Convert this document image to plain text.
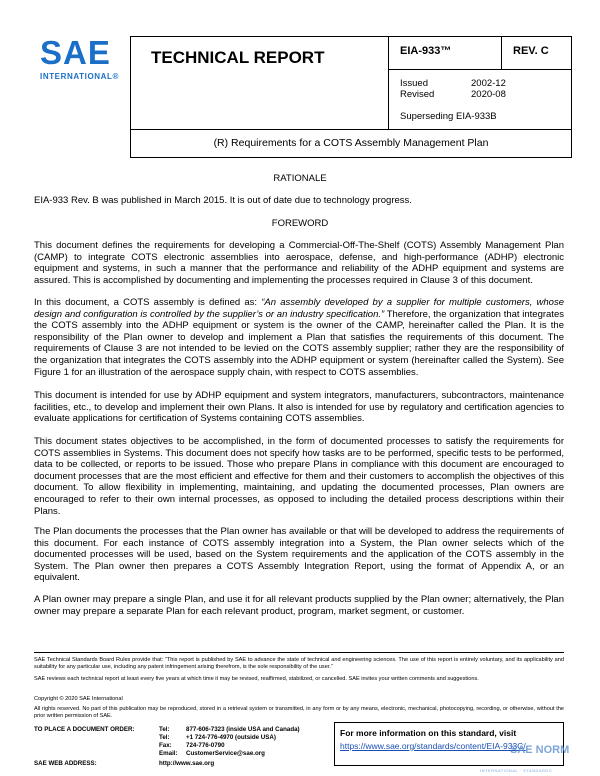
SAE
INTERNATIONAL®
TECHNICAL REPORT	EIA-933™	REV. C
Issued	2002-12
Revised	2020-08
Superseding EIA-933B
(R) Requirements for a COTS Assembly Management Plan
RATIONALE
EIA-933 Rev. B was published in March 2015. It is out of date due to technology progress.
FOREWORD
This document defines the requirements for developing a Commercial-Off-The-Shelf (COTS) Assembly Management Plan (CAMP) to integrate COTS electronic assemblies into aerospace, defense, and high-performance (ADHP) electronic equipment and systems, in such a manner that the performance and reliability of the ADHP equipment and systems are assured. This is accomplished by documenting and implementing the processes required in Clause 3 of this document.
In this document, a COTS assembly is defined as: “An assembly developed by a supplier for multiple customers, whose design and configuration is controlled by the supplier’s or an industry specification.” Therefore, the organization that integrates the COTS assembly into the ADHP equipment or system is the owner of the CAMP, hereinafter called the Plan. It is the responsibility of the Plan owner to develop and implement a Plan that satisfies the requirements of this document. The requirements of Clause 3 are not intended to be levied on the COTS assembly supplier; rather they are the responsibility of the organization that integrates the COTS assembly into the ADHP equipment or system (hereinafter called the System). See Figure 1 for an illustration of the aerospace supply chain, with respect to COTS assemblies.
This document is intended for use by ADHP equipment and system integrators, manufacturers, subcontractors, maintenance facilities, etc., to develop and implement their own Plans. It also is intended for use by regulatory and certification agencies to evaluate applications for certification of Systems containing COTS assemblies.
This document states objectives to be accomplished, in the form of documented processes to satisfy the requirements for COTS assemblies in Systems. This document does not specify how tasks are to be performed, specific tests to be performed, data to be collected, or reports to be issued. Those who prepare Plans in compliance with this document are encouraged to document processes that are the most efficient and effective for them and their customers to accomplish the objectives of this document. To allow flexibility in implementing, maintaining, and updating the documented processes, Plan owners are encouraged to refer to their own internal processes, as opposed to including the detailed process descriptions within their Plans.
The Plan documents the processes that the Plan owner has available or that will be developed to address the requirements of this document. For each instance of COTS assembly integration into a System, the Plan owner selects which of the documented processes will be used, based on the System requirements and the application of the COTS assembly in the System. The Plan owner then prepares a COTS Assembly Integration Report, using the format of Appendix A, or an equivalent.
A Plan owner may prepare a single Plan, and use it for all relevant products supplied by the Plan owner; alternatively, the Plan owner may prepare a separate Plan for each relevant product, program, market segment, or customer.
SAE Technical Standards Board Rules provide that: “This report is published by SAE to advance the state of technical and engineering sciences. The use of this report is entirely voluntary, and its applicability and suitability for any particular use, including any patent infringement arising therefrom, is the sole responsibility of the user.”
SAE reviews each technical report at least every five years at which time it may be revised, reaffirmed, stabilized, or cancelled. SAE invites your written comments and suggestions.
Copyright © 2020 SAE International
All rights reserved. No part of this publication may be reproduced, stored in a retrieval system or transmitted, in any form or by any means, electronic, mechanical, photocopying, recording, or otherwise, without the prior written permission of SAE.
TO PLACE A DOCUMENT ORDER:	Tel:	877-606-7323 (inside USA and Canada)
Tel:	+1 724-776-4970 (outside USA)
Fax: 724-776-0790
Email: CustomerService@sae.org
SAE WEB ADDRESS:	http://www.sae.org
For more information on this standard, visit
https://www.sae.org/standards/content/EIA-933C/
SAE NORM
INTERNATIONAL · STANDARDS
